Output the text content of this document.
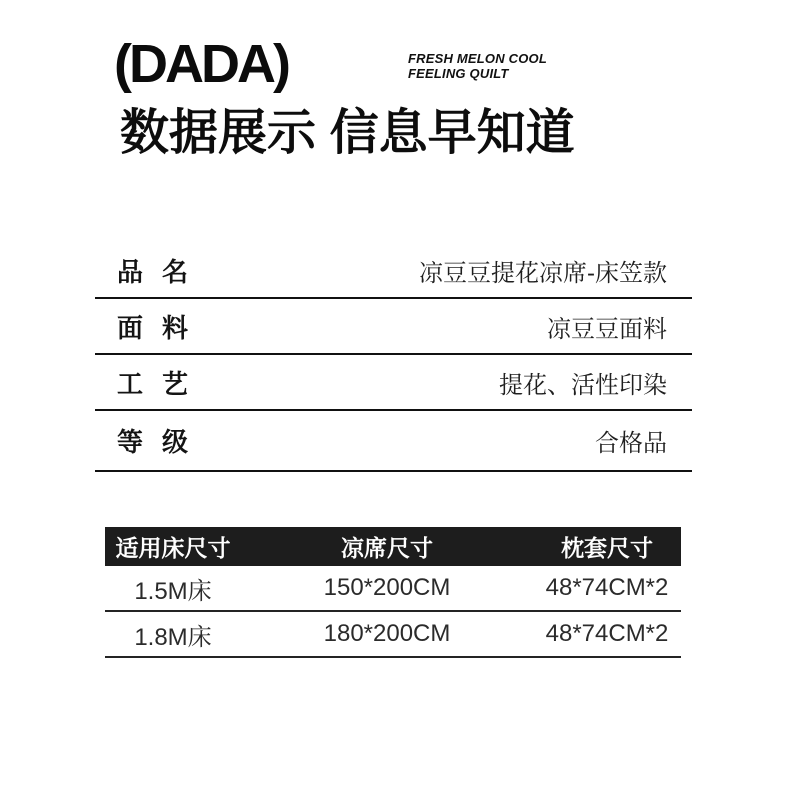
(DADA)	FRESH MELON COOL
FEELING QUILT
数据展示 信息早知道
品名	凉豆豆提花凉席-床笠款
面料	凉豆豆面料
工艺	提花、活性印染
等级	合格品
适用床尺寸	凉席尺寸	枕套尺寸
1.5M床	150*200CM	48*74CM*2
1.8M床	180*200CM	48*74CM*2
